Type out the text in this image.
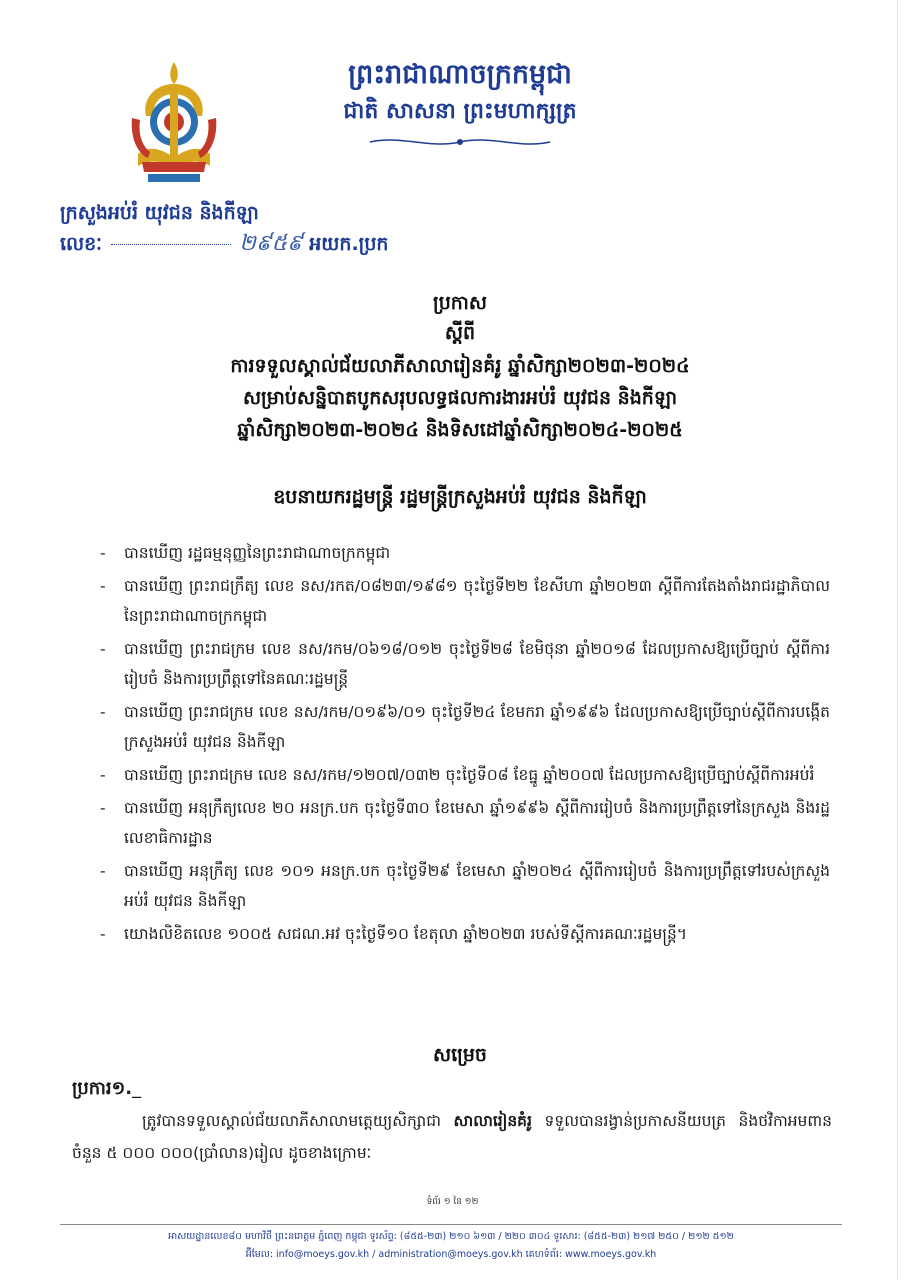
ព្រះរាជាណាចក្រកម្ពុជា
ជាតិ សាសនា ព្រះមហាក្សត្រ
ក្រសួងអប់រំ យុវជន និងកីឡា
លេខៈ	២៩៥៩ អយក.ប្រក
ប្រកាស
ស្ដីពី
ការទទួលស្គាល់ជ័យលាភីសាលារៀនគំរូ ឆ្នាំសិក្សា២០២៣-២០២៤
សម្រាប់សន្និបាតបូកសរុបលទ្ធផលការងារអប់រំ យុវជន និងកីឡា
ឆ្នាំសិក្សា២០២៣-២០២៤ និងទិសដៅឆ្នាំសិក្សា២០២៤-២០២៥
ឧបនាយករដ្ឋមន្ត្រី រដ្ឋមន្ត្រីក្រសួងអប់រំ យុវជន និងកីឡា
- បានឃើញ រដ្ឋធម្មនុញ្ញនៃព្រះរាជាណាចក្រកម្ពុជា
- បានឃើញ ព្រះរាជក្រឹត្យ លេខ នស/រកត/០៨២៣/១៩៨១ ចុះថ្ងៃទី២២ ខែសីហា ឆ្នាំ២០២៣ ស្ដីពីការតែងតាំងរាជរដ្ឋាភិបាល នៃព្រះរាជាណាចក្រកម្ពុជា
- បានឃើញ ព្រះរាជក្រម លេខ នស/រកម/០៦១៨/០១២ ចុះថ្ងៃទី២៨ ខែមិថុនា ឆ្នាំ២០១៨ ដែលប្រកាសឱ្យប្រើច្បាប់ ស្ដីពីការរៀបចំ និងការប្រព្រឹត្តទៅនៃគណៈរដ្ឋមន្ត្រី
- បានឃើញ ព្រះរាជក្រម លេខ នស/រកម/០១៩៦/០១ ចុះថ្ងៃទី២៤ ខែមករា ឆ្នាំ១៩៩៦ ដែលប្រកាសឱ្យប្រើច្បាប់ស្ដីពីការបង្កើតក្រសួងអប់រំ យុវជន និងកីឡា
- បានឃើញ ព្រះរាជក្រម លេខ នស/រកម/១២០៧/០៣២ ចុះថ្ងៃទី០៨ ខែធ្នូ ឆ្នាំ២០០៧ ដែលប្រកាសឱ្យប្រើច្បាប់ស្ដីពីការអប់រំ
- បានឃើញ អនុក្រឹត្យលេខ ២០ អនក្រ.បក ចុះថ្ងៃទី៣០ ខែមេសា ឆ្នាំ១៩៩៦ ស្ដីពីការរៀបចំ និងការប្រព្រឹត្តទៅនៃក្រសួង និងរដ្ឋលេខាធិការដ្ឋាន
- បានឃើញ អនុក្រឹត្យ លេខ ១០១ អនក្រ.បក ចុះថ្ងៃទី២៩ ខែមេសា ឆ្នាំ២០២៤ ស្ដីពីការរៀបចំ និងការប្រព្រឹត្តទៅរបស់ក្រសួងអប់រំ យុវជន និងកីឡា
- យោងលិខិតលេខ ១០០៥ សជណ.អវ ចុះថ្ងៃទី១០ ខែតុលា ឆ្នាំ២០២៣ របស់ទីស្ដីការគណៈរដ្ឋមន្ត្រី។
សម្រេច
ប្រការ១._
ត្រូវបានទទួលស្គាល់ជ័យលាភីសាលាមត្តេយ្យសិក្សាជា សាលារៀនគំរូ ទទួលបានរង្វាន់ប្រកាសនីយបត្រ និងថវិកាអមពានចំនួន ៥ ០០០ ០០០(ប្រាំលាន)រៀល ដូចខាងក្រោមៈ
ទំព័រ ១ នៃ ១២
អាសយដ្ឋានលេខ៨០ មហាវិថី ព្រះនរោត្តម ភ្នំពេញ កម្ពុជា ទូរស័ព្ទ: (៨៥៥-២៣) ២១០ ៦១៣ / ២២០ ៣០៤ ទូរសារ: (៨៥៥-២៣) ២១៧ ២៥០ / ២១២ ៥១២
អ៊ីមែល: info@moeys.gov.kh / administration@moeys.gov.kh គេហទំព័រ: www.moeys.gov.kh
